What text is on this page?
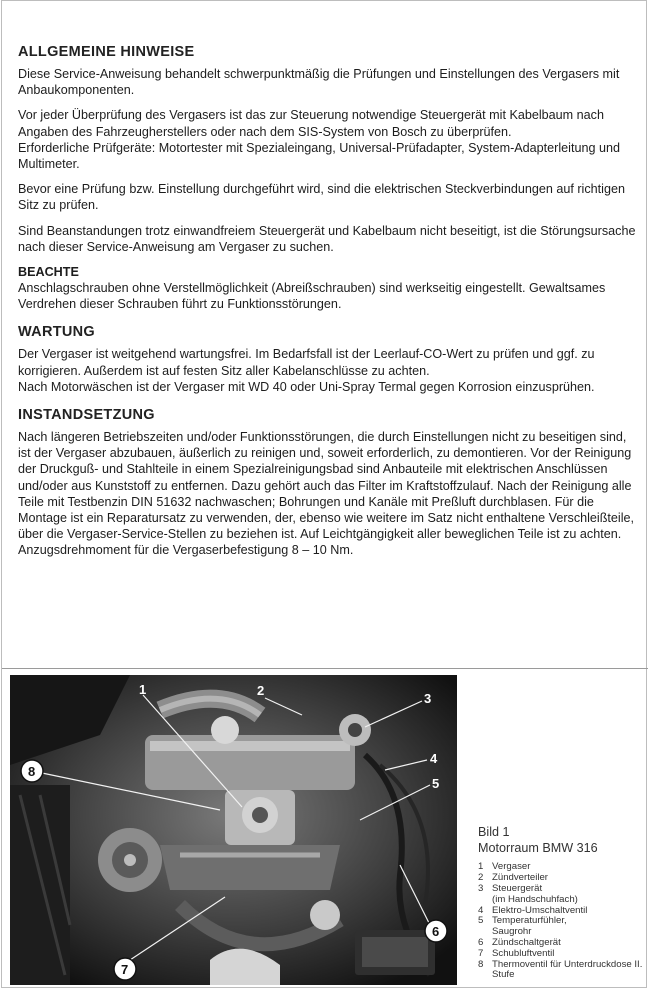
ALLGEMEINE HINWEISE

Diese Service-Anweisung behandelt schwerpunktmäßig die Prüfungen und Einstellungen des Vergasers mit Anbaukomponenten.

Vor jeder Überprüfung des Vergasers ist das zur Steuerung notwendige Steuergerät mit Kabelbaum nach Angaben des Fahrzeugherstellers oder nach dem SIS-System von Bosch zu überprüfen.

Erforderliche Prüfgeräte: Motortester mit Spezialeingang, Universal-Prüfadapter, System-Adapterleitung und Multimeter.

Bevor eine Prüfung bzw. Einstellung durchgeführt wird, sind die elektrischen Steckverbindungen auf richtigen Sitz zu prüfen.

Sind Beanstandungen trotz einwandfreiem Steuergerät und Kabelbaum nicht beseitigt, ist die Störungsursache nach dieser Service-Anweisung am Vergaser zu suchen.

BEACHTE

Anschlagschrauben ohne Verstellmöglichkeit (Abreißschrauben) sind werkseitig eingestellt. Gewaltsames Verdrehen dieser Schrauben führt zu Funktionsstörungen.

WARTUNG

Der Vergaser ist weitgehend wartungsfrei. Im Bedarfsfall ist der Leerlauf-CO-Wert zu prüfen und ggf. zu korrigieren. Außerdem ist auf festen Sitz aller Kabelanschlüsse zu achten.

Nach Motorwäschen ist der Vergaser mit WD 40 oder Uni-Spray Termal gegen Korrosion einzusprühen.

INSTANDSETZUNG

Nach längeren Betriebszeiten und/oder Funktionsstörungen, die durch Einstellungen nicht zu beseitigen sind, ist der Vergaser abzubauen, äußerlich zu reinigen und, soweit erforderlich, zu demontieren. Vor der Reinigung der Druckguß- und Stahlteile in einem Spezialreinigungsbad sind Anbauteile mit elektrischen Anschlüssen und/oder aus Kunststoff zu entfernen. Dazu gehört auch das Filter im Kraftstoffzulauf. Nach der Reinigung alle Teile mit Testbenzin DIN 51632 nachwaschen; Bohrungen und Kanäle mit Preßluft durchblasen. Für die Montage ist ein Reparatursatz zu verwenden, der, ebenso wie weitere im Satz nicht enthaltene Verschleißteile, über die Vergaser-Service-Stellen zu beziehen ist. Auf Leichtgängigkeit aller beweglichen Teile ist zu achten.

Anzugsdrehmoment für die Vergaserbefestigung 8 – 10 Nm.

1	2
3
4
5
6
7
8

Bild 1

Motorraum BMW 316

1 Vergaser
2 Zündverteiler
3 Steuergerät
(im Handschuhfach)
4 Elektro-Umschaltventil
5 Temperaturfühler,
Saugrohr
6 Zündschaltgerät
7 Schubluftventil
8 Thermoventil für Unterdruckdose II. Stufe
